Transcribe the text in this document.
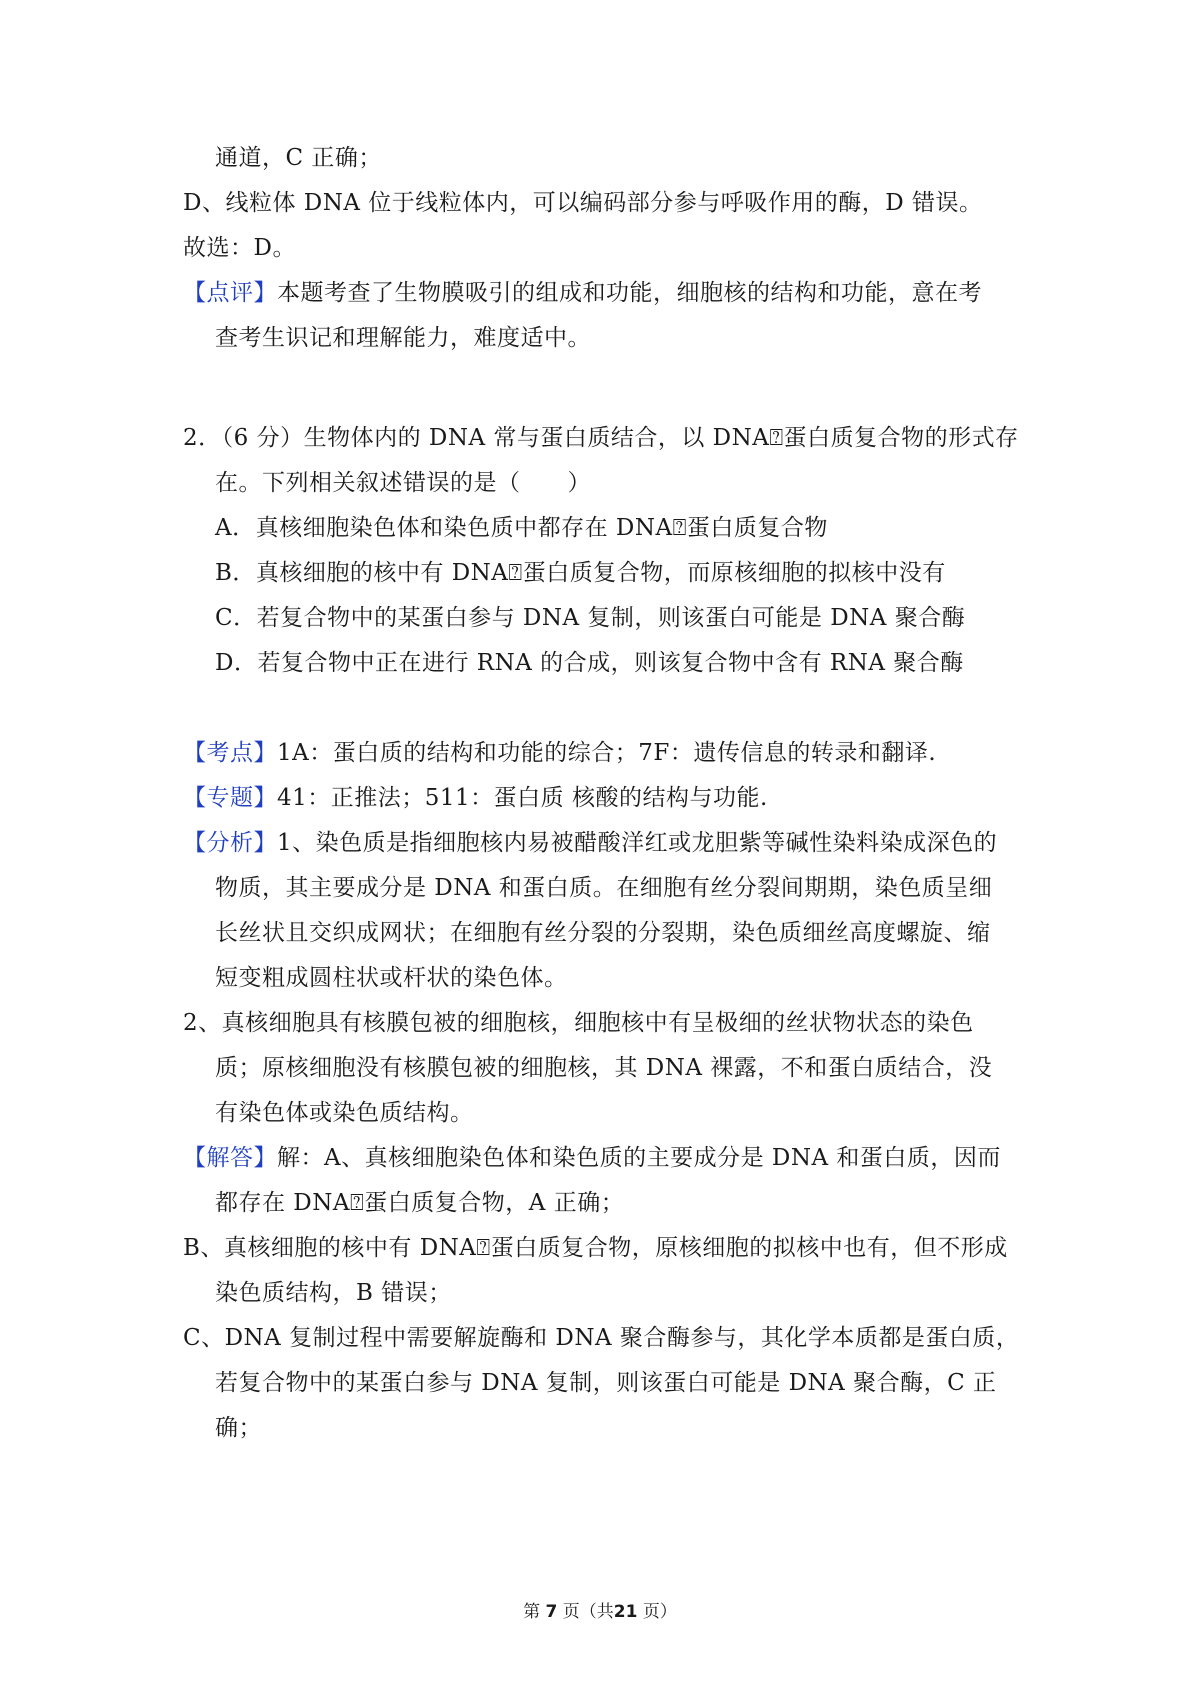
通道，C 正确；
D、线粒体 DNA 位于线粒体内，可以编码部分参与呼吸作用的酶，D 错误。
故选：D。
【点评】本题考查了生物膜吸引的组成和功能，细胞核的结构和功能，意在考
查考生识记和理解能力，难度适中。
2．（6 分）生物体内的 DNA 常与蛋白质结合，以 DNA⍰蛋白质复合物的形式存
在。下列相关叙述错误的是（　　）
A．真核细胞染色体和染色质中都存在 DNA⍰蛋白质复合物
B．真核细胞的核中有 DNA⍰蛋白质复合物，而原核细胞的拟核中没有
C．若复合物中的某蛋白参与 DNA 复制，则该蛋白可能是 DNA 聚合酶
D．若复合物中正在进行 RNA 的合成，则该复合物中含有 RNA 聚合酶
【考点】1A：蛋白质的结构和功能的综合；7F：遗传信息的转录和翻译.
【专题】41：正推法；511：蛋白质 核酸的结构与功能.
【分析】1、染色质是指细胞核内易被醋酸洋红或龙胆紫等碱性染料染成深色的
物质，其主要成分是 DNA 和蛋白质。在细胞有丝分裂间期期，染色质呈细
长丝状且交织成网状；在细胞有丝分裂的分裂期，染色质细丝高度螺旋、缩
短变粗成圆柱状或杆状的染色体。
2、真核细胞具有核膜包被的细胞核，细胞核中有呈极细的丝状物状态的染色
质；原核细胞没有核膜包被的细胞核，其 DNA 裸露，不和蛋白质结合，没
有染色体或染色质结构。
【解答】解：A、真核细胞染色体和染色质的主要成分是 DNA 和蛋白质，因而
都存在 DNA⍰蛋白质复合物，A 正确；
B、真核细胞的核中有 DNA⍰蛋白质复合物，原核细胞的拟核中也有，但不形成
染色质结构，B 错误；
C、DNA 复制过程中需要解旋酶和 DNA 聚合酶参与，其化学本质都是蛋白质，
若复合物中的某蛋白参与 DNA 复制，则该蛋白可能是 DNA 聚合酶，C 正
确；
第 7 页（共21 页）
